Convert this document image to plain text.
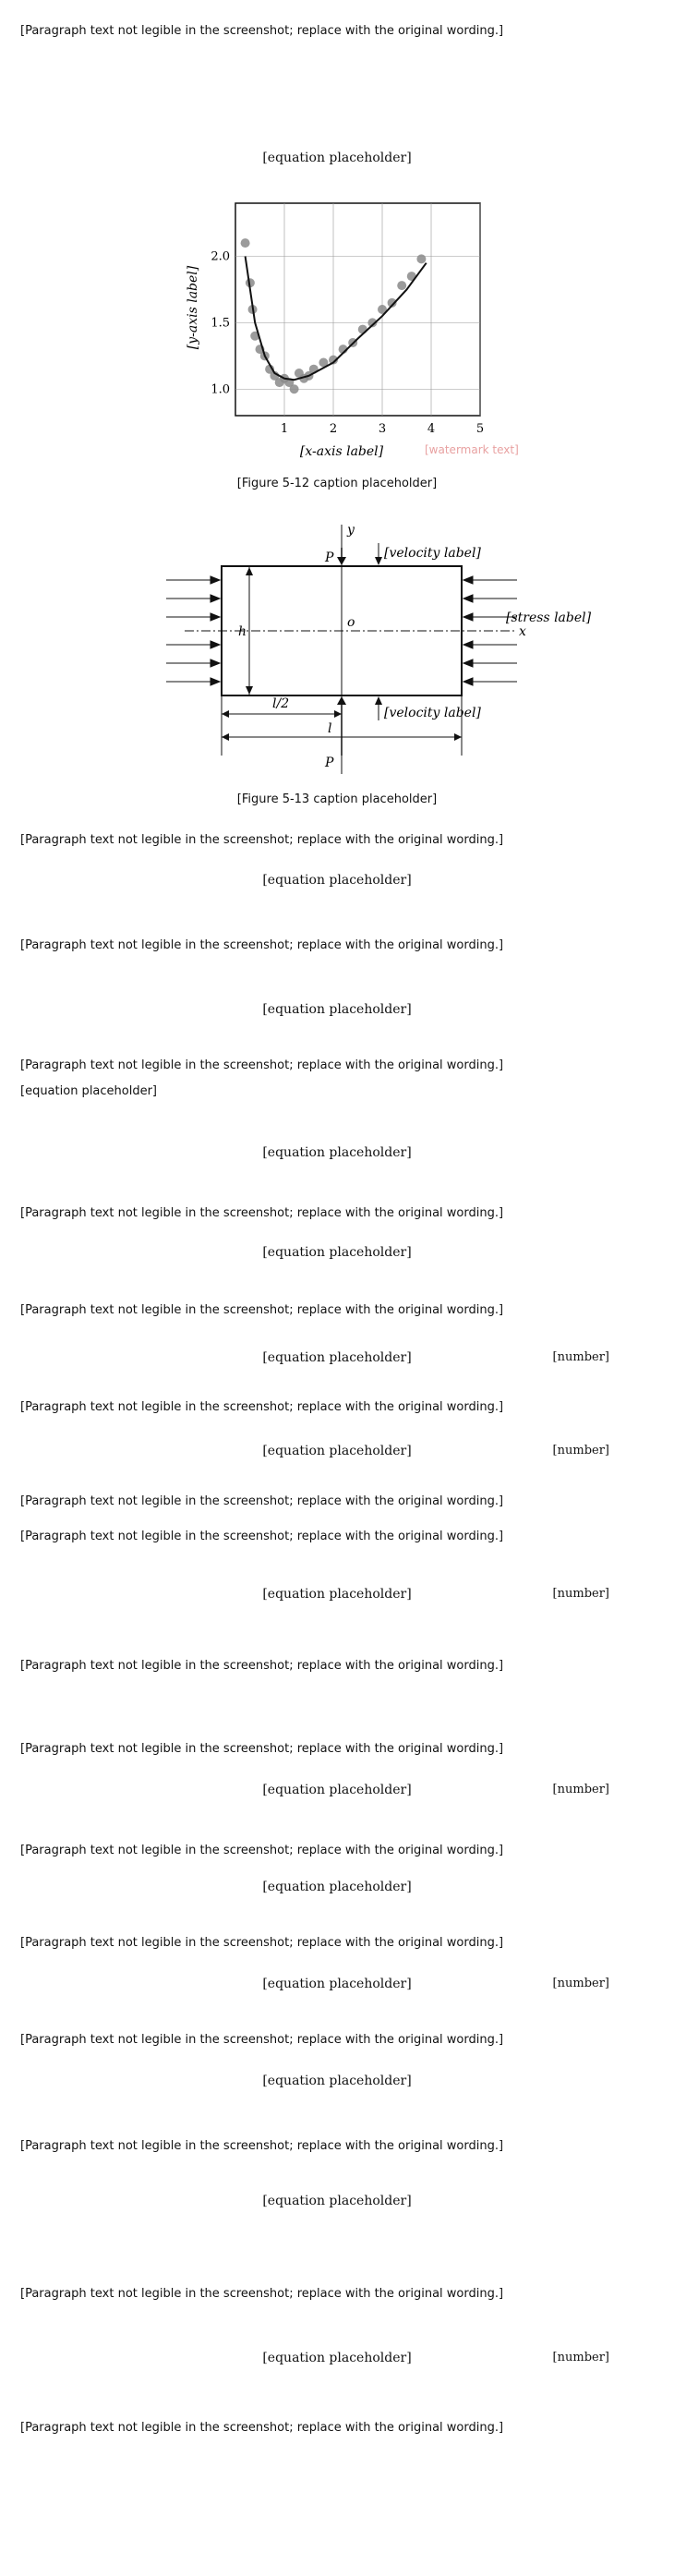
[Paragraph text not legible in the screenshot; replace with the original wording.]

[equation placeholder]
1	2	3	4	5
1.0
1.5
2.0
[x-axis label]
[y-axis label]
[watermark text]
[Figure 5-12 caption placeholder]
y
x
P	[velocity label]
P
[velocity label]
h
o	[stress label]
l/2
l
[Figure 5-13 caption placeholder]
[Paragraph text not legible in the screenshot; replace with the original wording.]
[equation placeholder]
[Paragraph text not legible in the screenshot; replace with the original wording.]
[equation placeholder]
[Paragraph text not legible in the screenshot; replace with the original wording.]
[equation placeholder]
[equation placeholder]
[Paragraph text not legible in the screenshot; replace with the original wording.]
[equation placeholder]
[Paragraph text not legible in the screenshot; replace with the original wording.]
[equation placeholder]	[number]
[Paragraph text not legible in the screenshot; replace with the original wording.]
[equation placeholder]	[number]
[Paragraph text not legible in the screenshot; replace with the original wording.]
[Paragraph text not legible in the screenshot; replace with the original wording.]
[equation placeholder]	[number]
[Paragraph text not legible in the screenshot; replace with the original wording.]
[Paragraph text not legible in the screenshot; replace with the original wording.]
[equation placeholder]	[number]
[Paragraph text not legible in the screenshot; replace with the original wording.]
[equation placeholder]
[Paragraph text not legible in the screenshot; replace with the original wording.]
[equation placeholder]	[number]
[Paragraph text not legible in the screenshot; replace with the original wording.]
[equation placeholder]
[Paragraph text not legible in the screenshot; replace with the original wording.]
[equation placeholder]
[Paragraph text not legible in the screenshot; replace with the original wording.]
[equation placeholder]	[number]
[Paragraph text not legible in the screenshot; replace with the original wording.]
